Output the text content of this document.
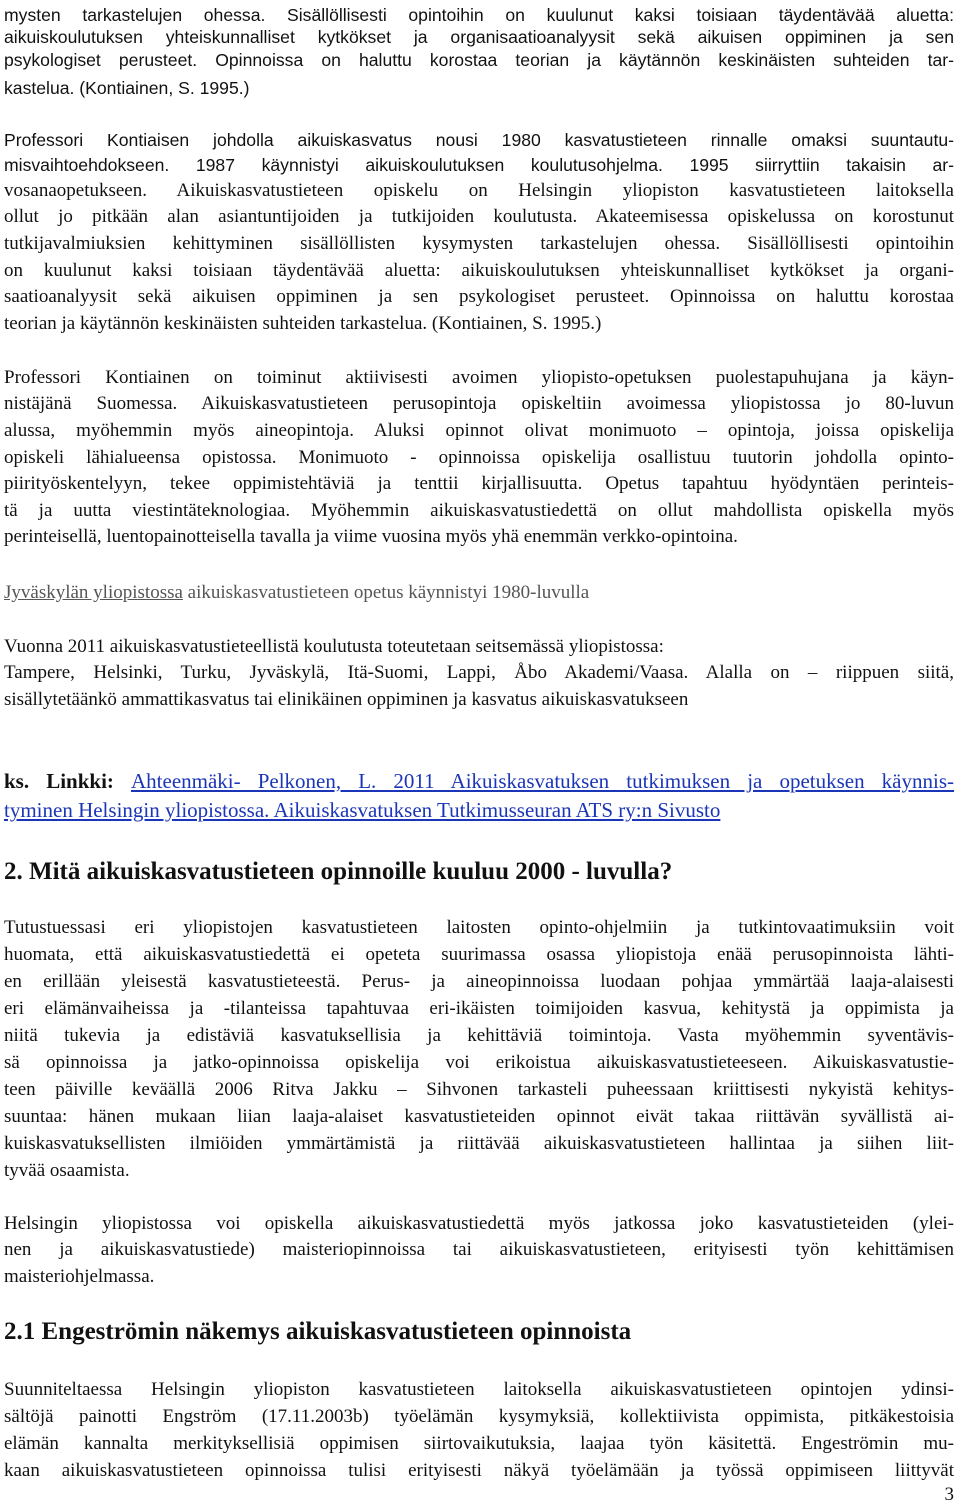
mysten tarkastelujen ohessa. Sisällöllisesti opintoihin on kuulunut kaksi toisiaan täydentävää aluetta:
aikuiskoulutuksen yhteiskunnalliset kytkökset ja organisaatioanalyysit sekä aikuisen oppiminen ja sen
psykologiset perusteet. Opinnoissa on haluttu korostaa teorian ja käytännön keskinäisten suhteiden tar-
kastelua. (Kontiainen, S. 1995.)
Professori Kontiaisen johdolla aikuiskasvatus nousi 1980 kasvatustieteen rinnalle omaksi suuntautu-
misvaihtoehdokseen. 1987 käynnistyi aikuiskoulutuksen koulutusohjelma. 1995 siirryttiin takaisin ar-
vosanaopetukseen. Aikuiskasvatustieteen opiskelu on Helsingin yliopiston kasvatustieteen laitoksella
ollut jo pitkään alan asiantuntijoiden ja tutkijoiden koulutusta. Akateemisessa opiskelussa on korostunut
tutkijavalmiuksien kehittyminen sisällöllisten kysymysten tarkastelujen ohessa. Sisällöllisesti opintoihin
on kuulunut kaksi toisiaan täydentävää aluetta: aikuiskoulutuksen yhteiskunnalliset kytkökset ja organi-
saatioanalyysit sekä aikuisen oppiminen ja sen psykologiset perusteet. Opinnoissa on haluttu korostaa
teorian ja käytännön keskinäisten suhteiden tarkastelua. (Kontiainen, S. 1995.)
Professori Kontiainen on toiminut aktiivisesti avoimen yliopisto-opetuksen puolestapuhujana ja käyn-
nistäjänä Suomessa. Aikuiskasvatustieteen perusopintoja opiskeltiin avoimessa yliopistossa jo 80-luvun
alussa, myöhemmin myös aineopintoja. Aluksi opinnot olivat monimuoto – opintoja, joissa opiskelija
opiskeli lähialueensa opistossa. Monimuoto - opinnoissa opiskelija osallistuu tuutorin johdolla opinto-
piirityöskentelyyn, tekee oppimistehtäviä ja tenttii kirjallisuutta. Opetus tapahtuu hyödyntäen perinteis-
tä ja uutta viestintäteknologiaa. Myöhemmin aikuiskasvatustiedettä on ollut mahdollista opiskella myös
perinteisellä, luentopainotteisella tavalla ja viime vuosina myös yhä enemmän verkko-opintoina.
Jyväskylän yliopistossa aikuiskasvatustieteen opetus käynnistyi 1980-luvulla
Vuonna 2011 aikuiskasvatustieteellistä koulutusta toteutetaan seitsemässä yliopistossa:
Tampere, Helsinki, Turku, Jyväskylä, Itä-Suomi, Lappi, Åbo Akademi/Vaasa. Alalla on – riippuen siitä,
sisällytetäänkö ammattikasvatus tai elinikäinen oppiminen ja kasvatus aikuiskasvatukseen
ks. Linkki: Ahteenmäki- Pelkonen, L. 2011 Aikuiskasvatuksen tutkimuksen ja opetuksen käynnis-
tyminen Helsingin yliopistossa. Aikuiskasvatuksen Tutkimusseuran ATS ry:n Sivusto
2. Mitä aikuiskasvatustieteen opinnoille kuuluu 2000 - luvulla?
Tutustuessasi eri yliopistojen kasvatustieteen laitosten opinto-ohjelmiin ja tutkintovaatimuksiin voit
huomata, että aikuiskasvatustiedettä ei opeteta suurimassa osassa yliopistoja enää perusopinnoista lähti-
en erillään yleisestä kasvatustieteestä. Perus- ja aineopinnoissa luodaan pohjaa ymmärtää laaja-alaisesti
eri elämänvaiheissa ja -tilanteissa tapahtuvaa eri-ikäisten toimijoiden kasvua, kehitystä ja oppimista ja
niitä tukevia ja edistäviä kasvatuksellisia ja kehittäviä toimintoja. Vasta myöhemmin syventävis-
sä opinnoissa ja jatko-opinnoissa opiskelija voi erikoistua aikuiskasvatustieteeseen. Aikuiskasvatustie-
teen päiville keväällä 2006 Ritva Jakku – Sihvonen tarkasteli puheessaan kriittisesti nykyistä kehitys-
suuntaa: hänen mukaan liian laaja-alaiset kasvatustieteiden opinnot eivät takaa riittävän syvällistä ai-
kuiskasvatuksellisten ilmiöiden ymmärtämistä ja riittävää aikuiskasvatustieteen hallintaa ja siihen liit-
tyvää osaamista.
Helsingin yliopistossa voi opiskella aikuiskasvatustiedettä myös jatkossa joko kasvatustieteiden (ylei-
nen ja aikuiskasvatustiede) maisteriopinnoissa tai aikuiskasvatustieteen, erityisesti työn kehittämisen
maisteriohjelmassa.
2.1 Engeströmin näkemys aikuiskasvatustieteen opinnoista
Suunniteltaessa Helsingin yliopiston kasvatustieteen laitoksella aikuiskasvatustieteen opintojen ydinsi-
sältöjä painotti Engström (17.11.2003b) työelämän kysymyksiä, kollektiivista oppimista, pitkäkestoisia
elämän kannalta merkityksellisiä oppimisen siirtovaikutuksia, laajaa työn käsitettä. Engeströmin mu-
kaan aikuiskasvatustieteen opinnoissa tulisi erityisesti näkyä työelämään ja työssä oppimiseen liittyvät
3
